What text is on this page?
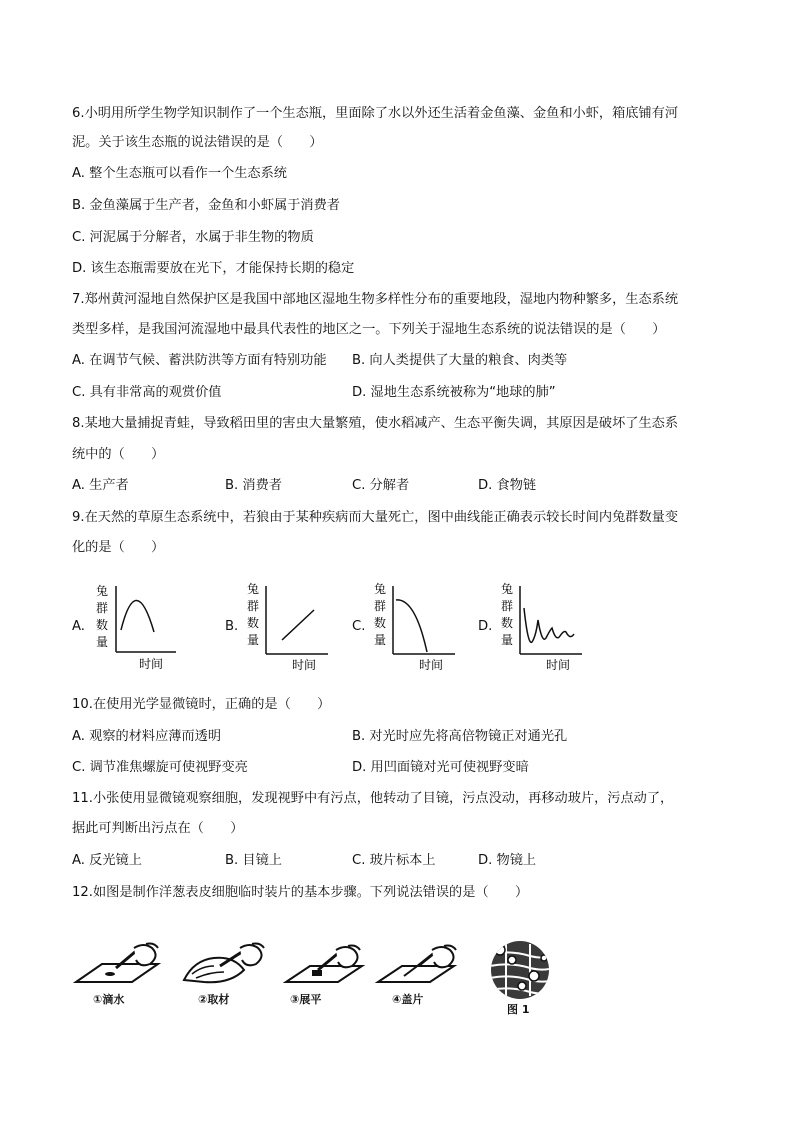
6.小明用所学生物学知识制作了一个生态瓶，里面除了水以外还生活着金鱼藻、金鱼和小虾，箱底铺有河
泥。关于该生态瓶的说法错误的是（　　）
A. 整个生态瓶可以看作一个生态系统
B. 金鱼藻属于生产者，金鱼和小虾属于消费者
C. 河泥属于分解者，水属于非生物的物质
D. 该生态瓶需要放在光下，才能保持长期的稳定
7.郑州黄河湿地自然保护区是我国中部地区湿地生物多样性分布的重要地段，湿地内物种繁多，生态系统
类型多样，是我国河流湿地中最具代表性的地区之一。下列关于湿地生态系统的说法错误的是（　　）
A. 在调节气候、蓄洪防洪等方面有特别功能 B. 向人类提供了大量的粮食、肉类等
C. 具有非常高的观赏价值	D. 湿地生态系统被称为“地球的肺”
8.某地大量捕捉青蛙，导致稻田里的害虫大量繁殖，使水稻减产、生态平衡失调，其原因是破坏了生态系
统中的（　　）
A. 生产者	B. 消费者	C. 分解者	D. 食物链
9.在天然的草原生态系统中，若狼由于某种疾病而大量死亡，图中曲线能正确表示较长时间内兔群数量变
化的是（　　）
A.
兔
群
数
量
时间
B.
兔
群
数
量
时间
C.
兔
群
数
量
时间
D.
兔
群
数
量
时间
10.在使用光学显微镜时，正确的是（　　）
A. 观察的材料应薄而透明	B. 对光时应先将高倍物镜正对通光孔
C. 调节准焦螺旋可使视野变亮	D. 用凹面镜对光可使视野变暗
11.小张使用显微镜观察细胞，发现视野中有污点，他转动了目镜，污点没动，再移动玻片，污点动了，
据此可判断出污点在（　　）
A. 反光镜上	B. 目镜上	C. 玻片标本上	D. 物镜上
12.如图是制作洋葱表皮细胞临时装片的基本步骤。下列说法错误的是（　　）
①滴水	②取材	③展平	④盖片
图 1
